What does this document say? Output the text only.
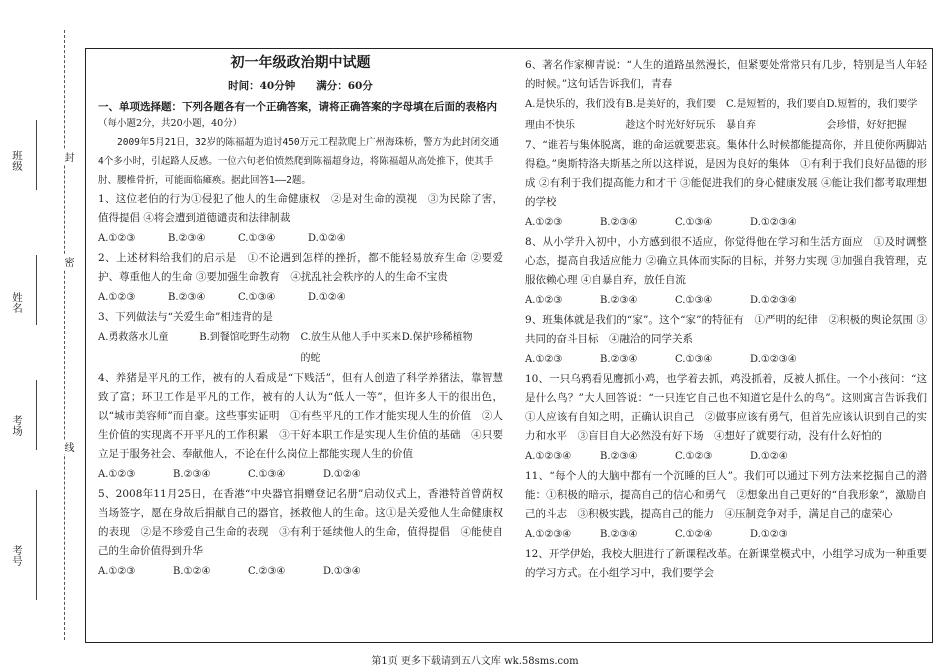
班级
姓名
考场
考号
封
密
线
初一年级政治期中试题
时间：40分钟　　满分：60分

一、单项选择题：下列各题各有一个正确答案，请将正确答案的字母填在后面的表格内

（每小题2分，共20小题，40分）

　　2009年5月21日，32岁的陈福超为追讨450万元工程款爬上广州海珠桥，警方为此封闭交通4个多小时，引起路人反感。一位六旬老伯愤然爬到陈福超身边，将陈福超从高处推下，使其手肘、腰椎骨折，可能面临瘫痪。据此回答1——2题。

1、这位老伯的行为①侵犯了他人的生命健康权　②是对生命的漠视　③为民除了害，值得提倡 ④将会遭到道德谴责和法律制裁

A.①②③	B.②③④	C.①③④	D.①②④

2、上述材料给我们的启示是　①不论遇到怎样的挫折，都不能轻易放弃生命 ②要爱护、尊重他人的生命 ③要加强生命教育　④扰乱社会秩序的人的生命不宝贵

A.①②③	B.②③④	C.①③④	D.①②④

3、下列做法与“关爱生命”相违背的是

A.勇救落水儿童	B.到餐馆吃野生动物	C.放生从他人手中买来的蛇
D.保护珍稀植物

4、养猪是平凡的工作，被有的人看成是“下贱活”，但有人创造了科学养猪法，靠智慧致了富；环卫工作是平凡的工作，被有的人认为“低人一等”，但许多人干的很出色，以“城市美容师”而自豪。这些事实证明　①有些平凡的工作才能实现人生的价值　②人生价值的实现离不开平凡的工作积累　③干好本职工作是实现人生价值的基础　④只要立足于服务社会、奉献他人，不论在什么岗位上都能实现人生的价值

A.①②③	B.②③④	C.①③④	D.①②④

5、2008年11月25日，在香港“中央器官捐赠登记名册”启动仪式上，香港特首曾荫权当场签字，愿在身故后捐献自己的器官，拯救他人的生命。这①是关爱他人生命健康权的表现　②是不珍爱自己生命的表现　③有利于延续他人的生命，值得提倡　④能使自己的生命价值得到升华

A.①②③	B.①②④	C.②③④	D.①③④

6、著名作家柳青说：“人生的道路虽然漫长，但紧要处常常只有几步，特别是当人年轻的时候。”这句话告诉我们，青春

A.是快乐的，我们没有理由不快乐
B.是美好的，我们要趁这个时光好好玩乐
C.是短暂的，我们要自暴自弃
D.短暂的，我们要学会珍惜，好好把握

7、“谁若与集体脱离，谁的命运就要悲哀。集体什么时候都能提高你，并且使你两脚站得稳。”奥斯特洛夫斯基之所以这样说，是因为良好的集体　①有利于我们良好品德的形成 ②有利于我们提高能力和才干 ③能促进我们的身心健康发展 ④能让我们都考取理想的学校

A.①②③	B.②③④	C.①③④	D.①②③④

8、从小学升入初中，小方感到很不适应，你觉得他在学习和生活方面应　①及时调整心态，提高自我适应能力 ②确立具体而实际的目标，并努力实现 ③加强自我管理，克服依赖心理 ④自暴自弃，放任自流

A.①②③	B.②③④	C.①③④	D.①②③④

9、班集体就是我们的“家”。这个“家”的特征有　①严明的纪律　②积极的舆论氛围 ③共同的奋斗目标　④融洽的同学关系

A.①②③	B.②③④	C.①③④	D.①②③④

10、一只乌鸦看见鹰抓小鸡，也学着去抓，鸡没抓着，反被人抓住。一个小孩问：“这是什么鸟？”大人回答说：“一只连它自己也不知道它是什么的鸟”。这则寓言告诉我们①人应该有自知之明，正确认识自己　②做事应该有勇气，但首先应该认识到自己的实力和水平　③盲目自大必然没有好下场　④想好了就要行动，没有什么好怕的

A.①②③④	B.②③④	C.①②③	D.①②④

11、“每个人的大脑中都有一个沉睡的巨人”。我们可以通过下列方法来挖掘自己的潜能：①积极的暗示，提高自己的信心和勇气　②想象出自己更好的“自我形象”，激励自己的斗志　③积极实践，提高自己的能力　④压制竞争对手，满足自己的虚荣心

A.①②③④	B.②③④	C.①②④	D.①②③

12、开学伊始，我校大胆进行了新课程改革。在新课堂模式中，小组学习成为一种重要的学习方式。在小组学习中，我们要学会

第1页 更多下载请到五八文库 wk.58sms.com
